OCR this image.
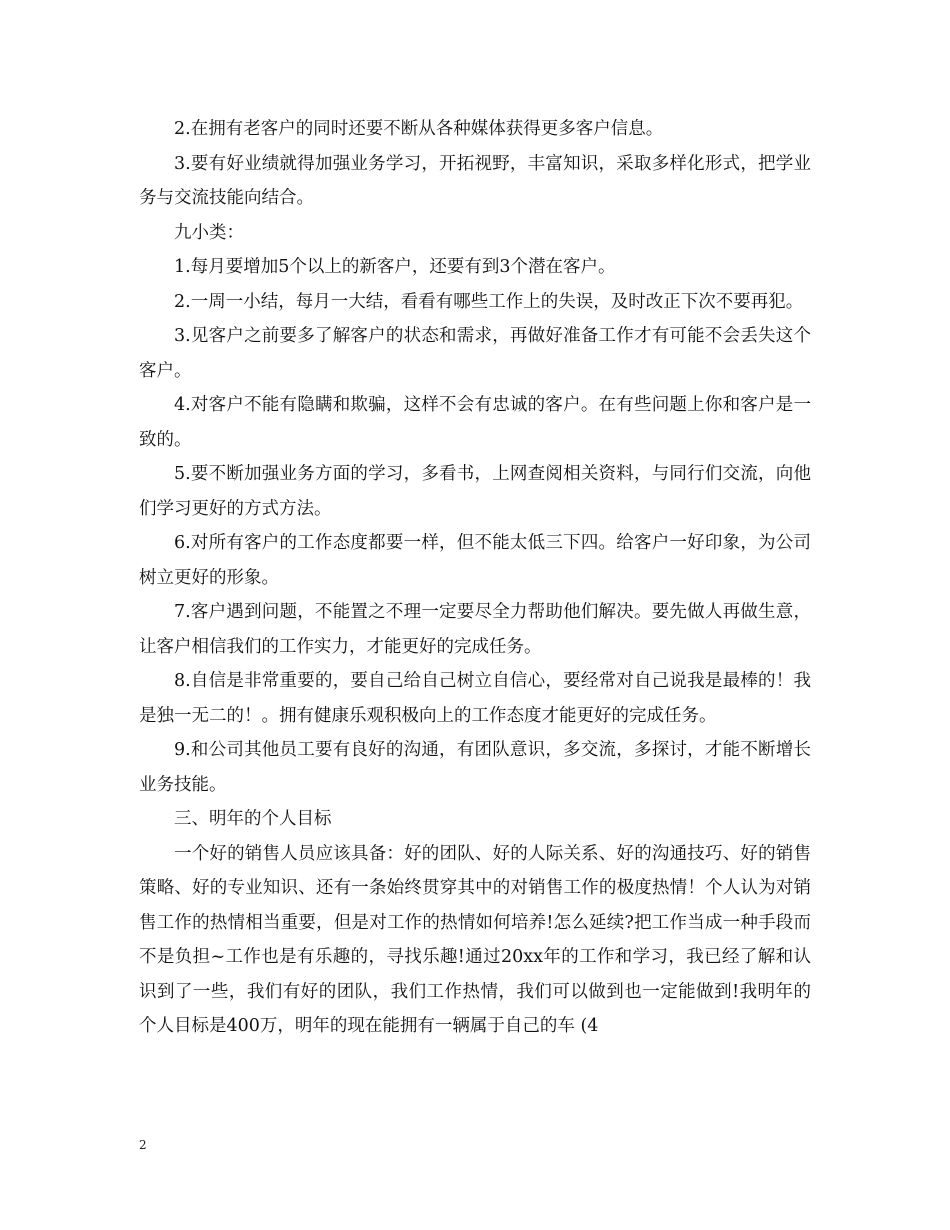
2.在拥有老客户的同时还要不断从各种媒体获得更多客户信息。

3.要有好业绩就得加强业务学习，开拓视野，丰富知识，采取多样化形式，把学业务与交流技能向结合。

九小类：

1.每月要增加5个以上的新客户，还要有到3个潜在客户。

2.一周一小结，每月一大结，看看有哪些工作上的失误，及时改正下次不要再犯。

3.见客户之前要多了解客户的状态和需求，再做好准备工作才有可能不会丢失这个客户。

4.对客户不能有隐瞒和欺骗，这样不会有忠诚的客户。在有些问题上你和客户是一致的。

5.要不断加强业务方面的学习，多看书，上网查阅相关资料，与同行们交流，向他们学习更好的方式方法。

6.对所有客户的工作态度都要一样，但不能太低三下四。给客户一好印象，为公司树立更好的形象。

7.客户遇到问题，不能置之不理一定要尽全力帮助他们解决。要先做人再做生意，让客户相信我们的工作实力，才能更好的完成任务。

8.自信是非常重要的，要自己给自己树立自信心，要经常对自己说我是最棒的！我是独一无二的！。拥有健康乐观积极向上的工作态度才能更好的完成任务。

9.和公司其他员工要有良好的沟通，有团队意识，多交流，多探讨，才能不断增长业务技能。

三、明年的个人目标

一个好的销售人员应该具备：好的团队、好的人际关系、好的沟通技巧、好的销售策略、好的专业知识、还有一条始终贯穿其中的对销售工作的极度热情！个人认为对销售工作的热情相当重要，但是对工作的热情如何培养!怎么延续?把工作当成一种手段而不是负担~工作也是有乐趣的，寻找乐趣!通过20xx年的工作和学习，我已经了解和认识到了一些，我们有好的团队，我们工作热情，我们可以做到也一定能做到!我明年的个人目标是400万，明年的现在能拥有一辆属于自己的车 (4

2
